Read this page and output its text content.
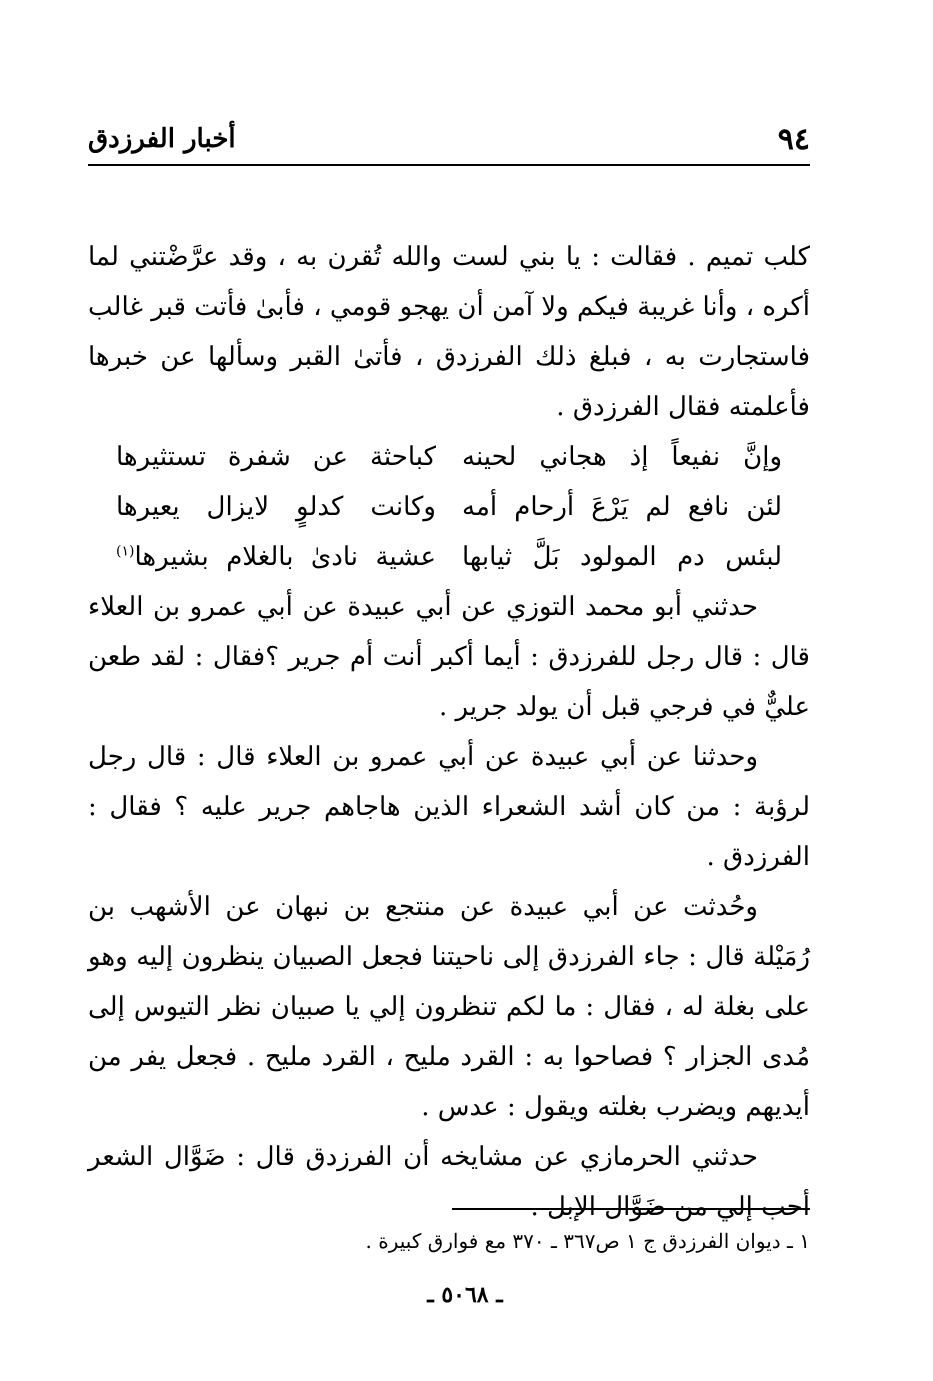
٩٤
أخبار الفرزدق

كلب تميم . فقالت : يا بني لست والله تُقرن به ، وقد عرَّضْتني لما أكره ، وأنا غريبة فيكم ولا آمن أن يهجو قومي ، فأبىٰ فأتت قبر غالب فاستجارت به ، فبلغ ذلك الفرزدق ، فأتىٰ القبر وسألها عن خبرها فأعلمته فقال الفرزدق .

وإنَّ نفيعاً إذ هجاني لحينه
كباحثة عن شفرة تستثيرها
لئن نافع لم يَرْعَ أرحام أمه
وكانت كدلوٍ لايزال يعيرها
لبئس دم المولود بَلَّ ثيابها
عشية نادىٰ بالغلام بشيرها$^{(١)}$

حدثني أبو محمد التوزي عن أبي عبيدة عن أبي عمرو بن العلاء قال : قال رجل للفرزدق : أيما أكبر أنت أم جرير ؟فقال : لقد طعن عليٌّ في فرجي قبل أن يولد جرير .

وحدثنا عن أبي عبيدة عن أبي عمرو بن العلاء قال : قال رجل لرؤبة : من كان أشد الشعراء الذين هاجاهم جرير عليه ؟ فقال : الفرزدق .

وحُدثت عن أبي عبيدة عن منتجع بن نبهان عن الأشهب بن رُمَيْلة قال : جاء الفرزدق إلى ناحيتنا فجعل الصبيان ينظرون إليه وهو على بغلة له ، فقال : ما لكم تنظرون إلي يا صبيان نظر التيوس إلى مُدى الجزار ؟ فصاحوا به : القرد مليح ، القرد مليح . فجعل يفر من أيديهم ويضرب بغلته ويقول : عدس .

حدثني الحرمازي عن مشايخه أن الفرزدق قال : ضَوَّال الشعر أحب إلي من ضَوَّال الإبل .

١ ـ ديوان الفرزدق ج ١ ص٣٦٧ ـ ٣٧٠ مع فوارق كبيرة .
ـ ٥٠٦٨ ـ
